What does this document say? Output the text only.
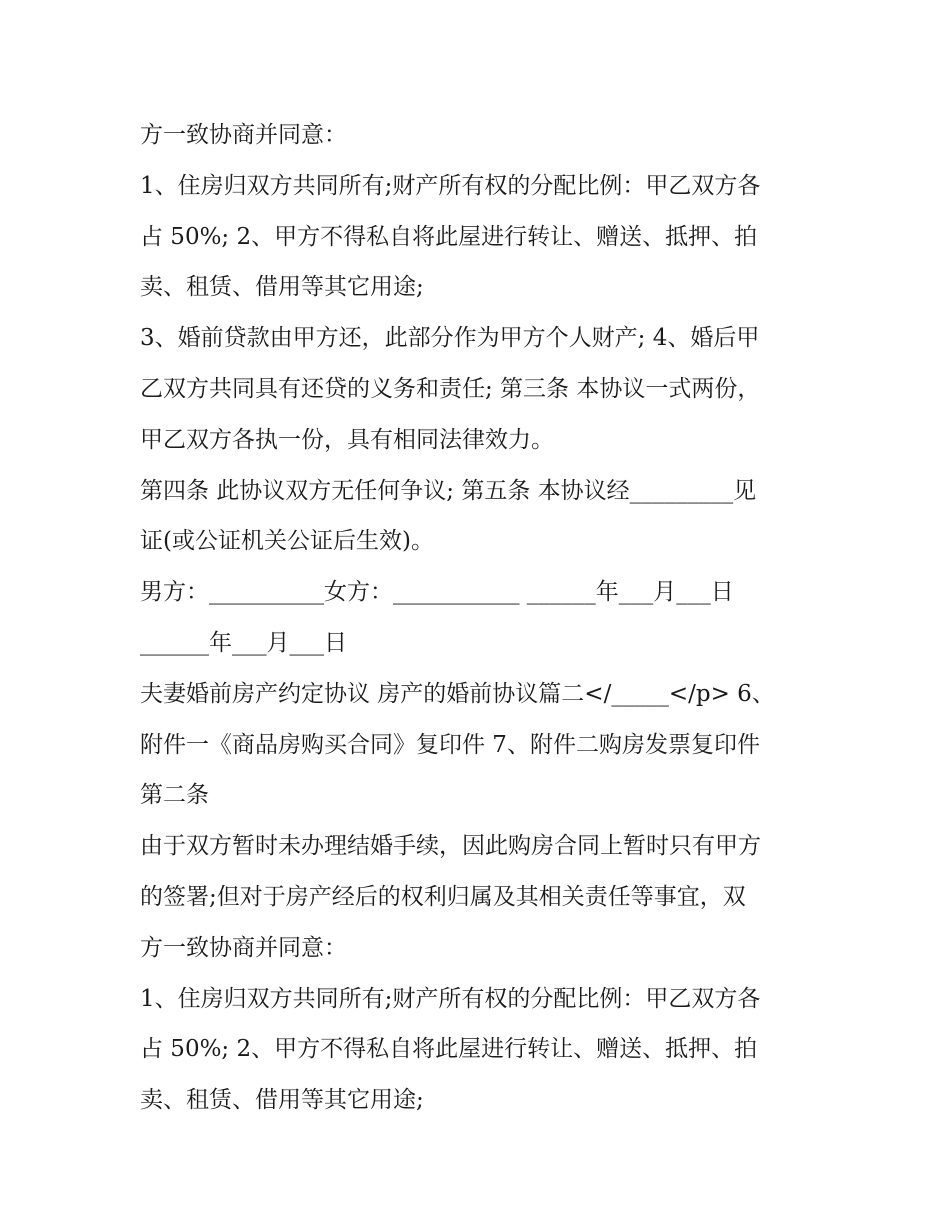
方一致协商并同意：
1、住房归双方共同所有;财产所有权的分配比例：甲乙双方各
占 50%; 2、甲方不得私自将此屋进行转让、赠送、抵押、拍
卖、租赁、借用等其它用途;
3、婚前贷款由甲方还，此部分作为甲方个人财产; 4、婚后甲
乙双方共同具有还贷的义务和责任; 第三条 本协议一式两份，
甲乙双方各执一份，具有相同法律效力。
第四条 此协议双方无任何争议; 第五条 本协议经_________见
证(或公证机关公证后生效)。
男方：__________女方：___________ ______年___月___日
______年___月___日
夫妻婚前房产约定协议 房产的婚前协议篇二</_____</p> 6、
附件一《商品房购买合同》复印件 7、附件二购房发票复印件
第二条
由于双方暂时未办理结婚手续，因此购房合同上暂时只有甲方
的签署;但对于房产经后的权利归属及其相关责任等事宜，双
方一致协商并同意：
1、住房归双方共同所有;财产所有权的分配比例：甲乙双方各
占 50%; 2、甲方不得私自将此屋进行转让、赠送、抵押、拍
卖、租赁、借用等其它用途;
